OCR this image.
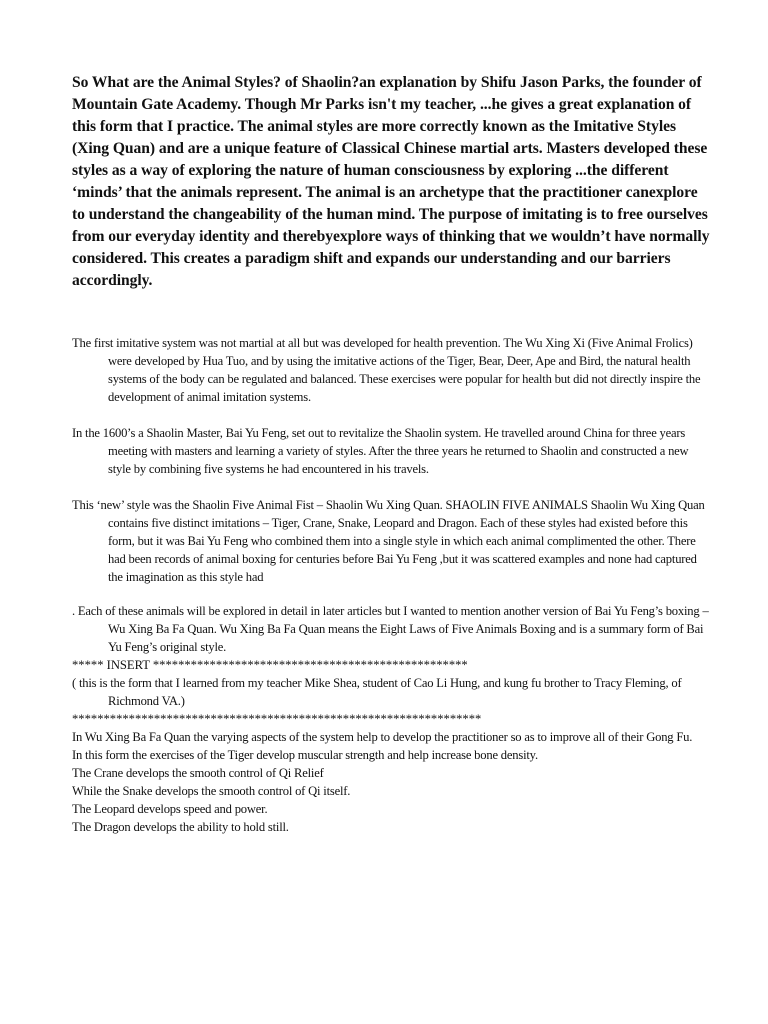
So What are the Animal Styles? of Shaolin?an explanation by Shifu Jason Parks, the founder of Mountain Gate Academy. Though Mr Parks isn't my teacher, ...he gives a great explanation of this form that I practice. The animal styles are more correctly known as the Imitative Styles (Xing Quan) and are a unique feature of Classical Chinese martial arts. Masters developed these styles as a way of exploring the nature of human consciousness by exploring ...the different ‘minds’ that the animals represent. The animal is an archetype that the practitioner canexplore to understand the changeability of the human mind. The purpose of imitating is to free ourselves from our everyday identity and therebyexplore ways of thinking that we wouldn’t have normally considered. This creates a paradigm shift and expands our understanding and our barriers accordingly.

The first imitative system was not martial at all but was developed for health prevention. The Wu Xing Xi (Five Animal Frolics) were developed by Hua Tuo, and by using the imitative actions of the Tiger, Bear, Deer, Ape and Bird, the natural health systems of the body can be regulated and balanced. These exercises were popular for health but did not directly inspire the development of animal imitation systems.

In the 1600’s a Shaolin Master, Bai Yu Feng, set out to revitalize the Shaolin system. He travelled around China for three years meeting with masters and learning a variety of styles. After the three years he returned to Shaolin and constructed a new style by combining five systems he had encountered in his travels.

This ‘new’ style was the Shaolin Five Animal Fist – Shaolin Wu Xing Quan. SHAOLIN FIVE ANIMALS Shaolin Wu Xing Quan contains five distinct imitations – Tiger, Crane, Snake, Leopard and Dragon. Each of these styles had existed before this form, but it was Bai Yu Feng who combined them into a single style in which each animal complimented the other. There had been records of animal boxing for centuries before Bai Yu Feng ,but it was scattered examples and none had captured the imagination as this style had

. Each of these animals will be explored in detail in later articles but I wanted to mention another version of Bai Yu Feng’s boxing – Wu Xing Ba Fa Quan. Wu Xing Ba Fa Quan means the Eight Laws of Five Animals Boxing and is a summary form of Bai Yu Feng’s original style.

***** INSERT **************************************************

( this is the form that I learned from my teacher Mike Shea, student of Cao Li Hung, and kung fu brother to Tracy Fleming, of Richmond VA.)

*****************************************************************

In Wu Xing Ba Fa Quan the varying aspects of the system help to develop the practitioner so as to improve all of their Gong Fu.

In this form the exercises of the Tiger develop muscular strength and help increase bone density.

The Crane develops the smooth control of Qi Relief

While the Snake develops the smooth control of Qi itself.

The Leopard develops speed and power.

The Dragon develops the ability to hold still.
